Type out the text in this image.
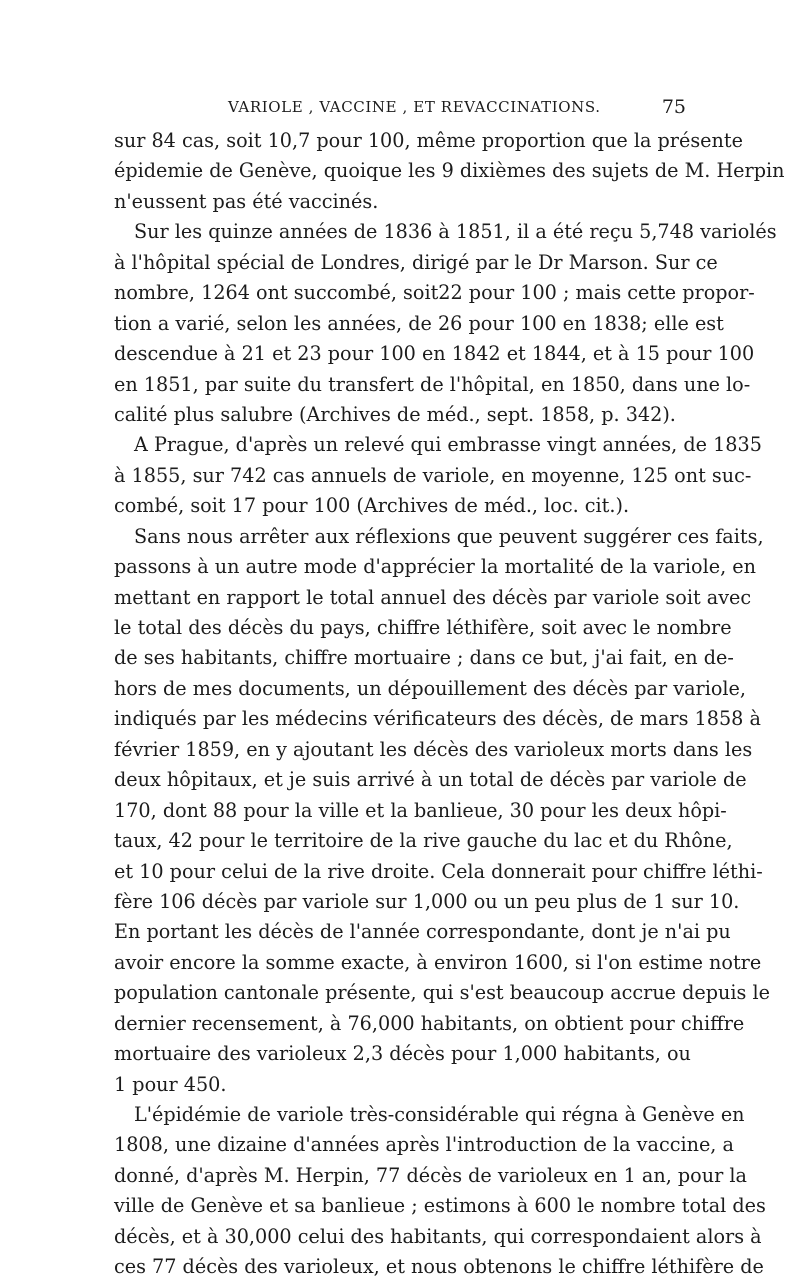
VARIOLE , VACCINE , ET REVACCINATIONS.	75
sur 84 cas, soit 10,7 pour 100, même proportion que la présente
épidemie de Genève, quoique les 9 dixièmes des sujets de M. Herpin
n'eussent pas été vaccinés.
Sur les quinze années de 1836 à 1851, il a été reçu 5,748 variolés
à l'hôpital spécial de Londres, dirigé par le Dr Marson. Sur ce
nombre, 1264 ont succombé, soit22 pour 100 ; mais cette propor-
tion a varié, selon les années, de 26 pour 100 en 1838; elle est
descendue à 21 et 23 pour 100 en 1842 et 1844, et à 15 pour 100
en 1851, par suite du transfert de l'hôpital, en 1850, dans une lo-
calité plus salubre (Archives de méd., sept. 1858, p. 342).
A Prague, d'après un relevé qui embrasse vingt années, de 1835
à 1855, sur 742 cas annuels de variole, en moyenne, 125 ont suc-
combé, soit 17 pour 100 (Archives de méd., loc. cit.).
Sans nous arrêter aux réflexions que peuvent suggérer ces faits,
passons à un autre mode d'apprécier la mortalité de la variole, en
mettant en rapport le total annuel des décès par variole soit avec
le total des décès du pays, chiffre léthifère, soit avec le nombre
de ses habitants, chiffre mortuaire ; dans ce but, j'ai fait, en de-
hors de mes documents, un dépouillement des décès par variole,
indiqués par les médecins vérificateurs des décès, de mars 1858 à
février 1859, en y ajoutant les décès des varioleux morts dans les
deux hôpitaux, et je suis arrivé à un total de décès par variole de
170, dont 88 pour la ville et la banlieue, 30 pour les deux hôpi-
taux, 42 pour le territoire de la rive gauche du lac et du Rhône,
et 10 pour celui de la rive droite. Cela donnerait pour chiffre léthi-
fère 106 décès par variole sur 1,000 ou un peu plus de 1 sur 10.
En portant les décès de l'année correspondante, dont je n'ai pu
avoir encore la somme exacte, à environ 1600, si l'on estime notre
population cantonale présente, qui s'est beaucoup accrue depuis le
dernier recensement, à 76,000 habitants, on obtient pour chiffre
mortuaire des varioleux 2,3 décès pour 1,000 habitants, ou
1 pour 450.
L'épidémie de variole très-considérable qui régna à Genève en
1808, une dizaine d'années après l'introduction de la vaccine, a
donné, d'après M. Herpin, 77 décès de varioleux en 1 an, pour la
ville de Genève et sa banlieue ; estimons à 600 le nombre total des
décès, et à 30,000 celui des habitants, qui correspondaient alors à
ces 77 décès des varioleux, et nous obtenons le chiffre léthifère de
